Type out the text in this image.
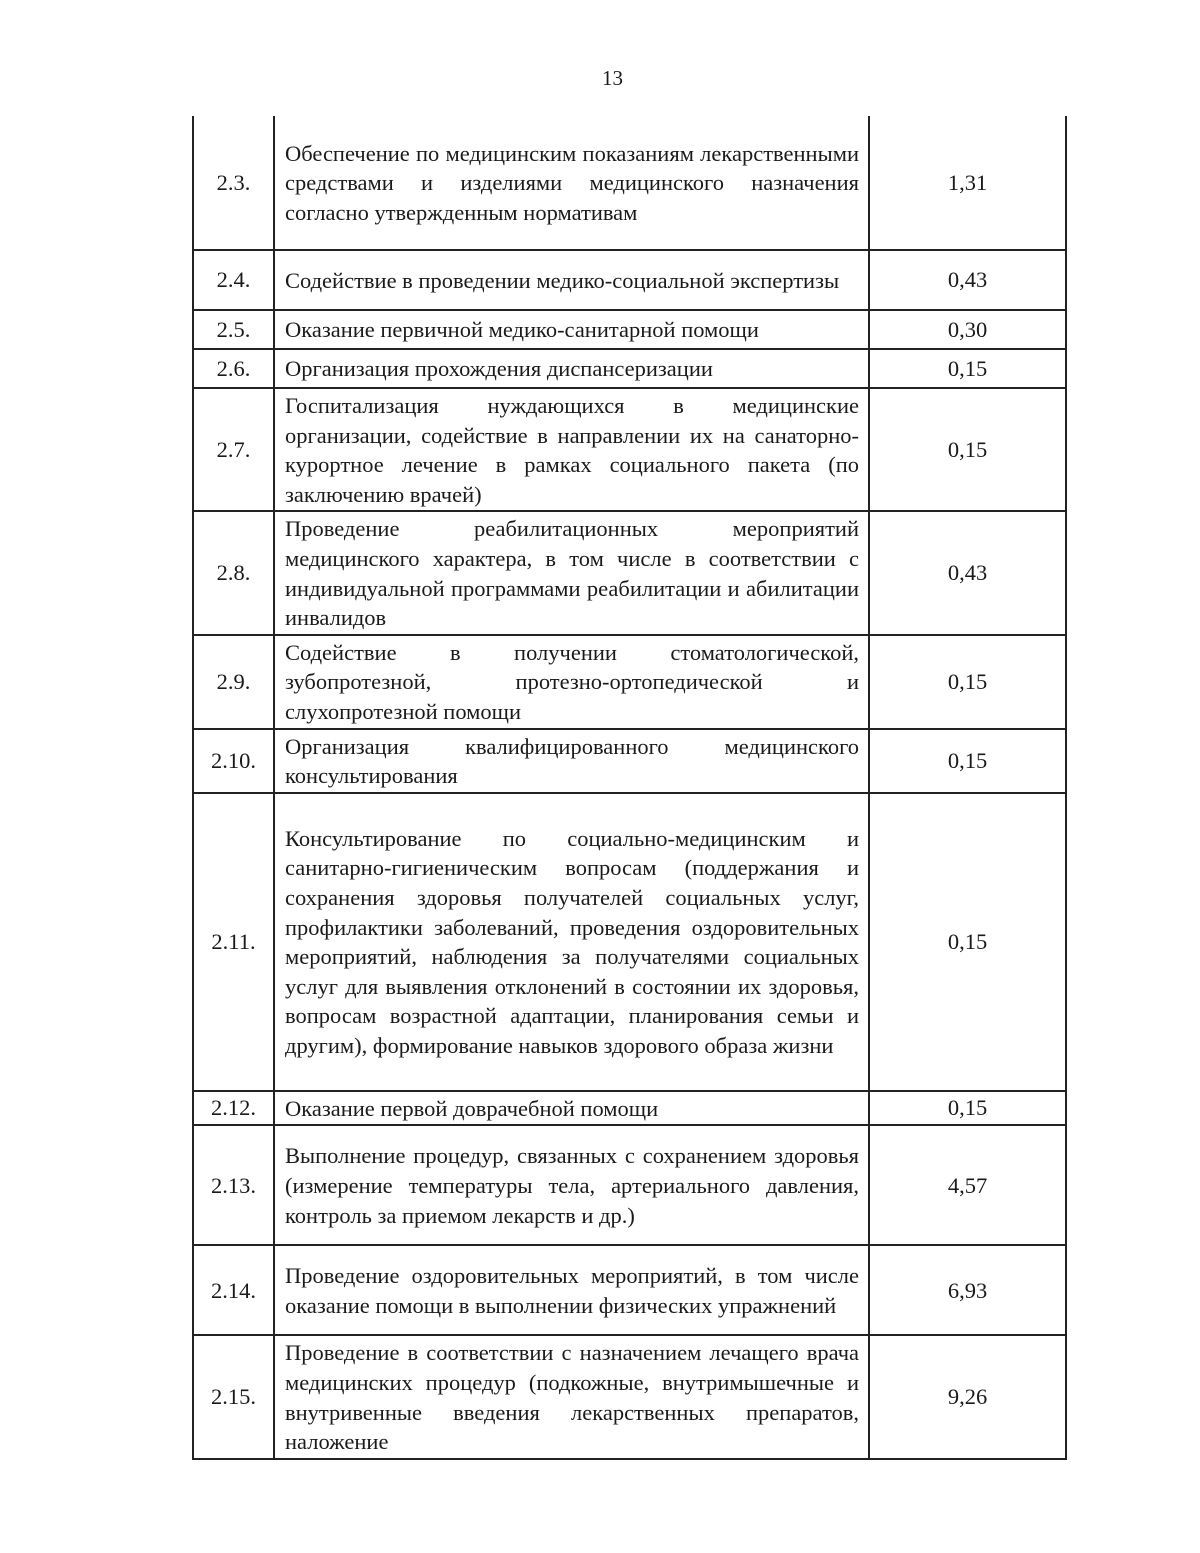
13
2.3.	Обеспечение по медицинским показаниям лекарственными средствами и изделиями медицинского назначения согласно утвержденным нормативам	1,31
2.4.	Содействие в проведении медико-социальной экспертизы	0,43
2.5.	Оказание первичной медико-санитарной помощи	0,30
2.6.	Организация прохождения диспансеризации	0,15
2.7.	Госпитализация нуждающихся в медицинские организации, содействие в направлении их на санаторно-курортное лечение в рамках социального пакета (по заключению врачей)	0,15
2.8.	Проведение реабилитационных мероприятий медицинского характера, в том числе в соответствии с индивидуальной программами реабилитации и абилитации инвалидов	0,43
2.9.	Содействие в получении стоматологической, зубопротезной, протезно-ортопедической и слухопротезной помощи	0,15
2.10.	Организация квалифицированного медицинского консультирования	0,15
2.11.	Консультирование по социально-медицинским и санитарно-гигиеническим вопросам (поддержания и сохранения здоровья получателей социальных услуг, профилактики заболеваний, проведения оздоровительных мероприятий, наблюдения за получателями социальных услуг для выявления отклонений в состоянии их здоровья, вопросам возрастной адаптации, планирования семьи и другим), формирование навыков здорового образа жизни	0,15
2.12.	Оказание первой доврачебной помощи	0,15
2.13.	Выполнение процедур, связанных с сохранением здоровья (измерение температуры тела, артериального давления, контроль за приемом лекарств и др.)	4,57
2.14.	Проведение оздоровительных мероприятий, в том числе оказание помощи в выполнении физических упражнений	6,93
2.15.	Проведение в соответствии с назначением лечащего врача медицинских процедур (подкожные, внутримышечные и внутривенные введения лекарственных препаратов, наложение	9,26
